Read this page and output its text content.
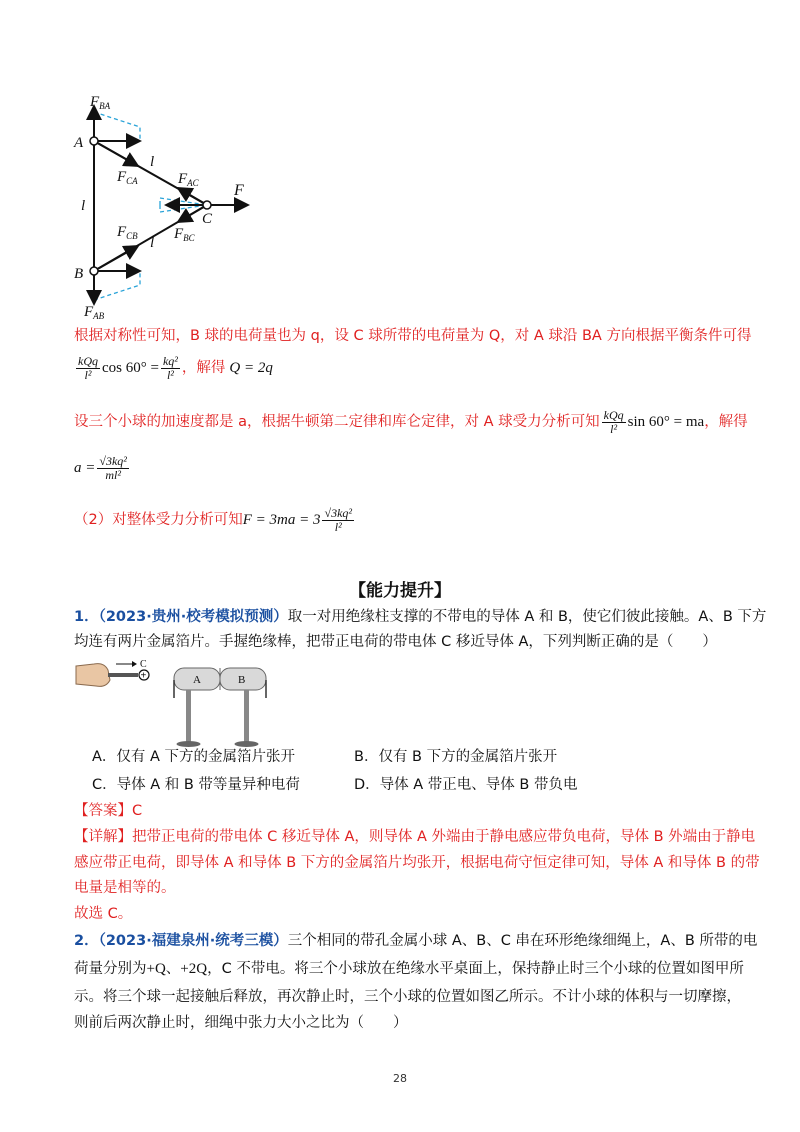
$F_{BA}$
A
l
$F_{CA}$	$F_{AC}$ F
l
C
$F_{CB}$ $F_{BC}$
l
B
$F_{AB}$
根据对称性可知，B 球的电荷量也为 q，设 C 球所带的电荷量为 Q，对 A 球沿 BA 方向根据平衡条件可得
$\frac{\text{kQq}}{\text{l²}}$ $\cos 60^\circ = \frac{\text{kq²}}{\text{l²}}$ ，解得 Q = 2q
设三个小球的加速度都是 a，根据牛顿第二定律和库仑定律，对 A 球受力分析可知 $\frac{\text{kQq}}{\text{l²}}$ sin 60° = ma ，解得
$a = \frac{\text{√3kq²}}{\text{ml²}}$
（2）对整体受力分析可知 $F = 3ma = 3 \frac{\text{√3kq²}}{\text{l²}}$
【能力提升】
1．（2023·贵州·校考模拟预测）取一对用绝缘柱支撑的不带电的导体 A 和 B，使它们彼此接触。A、B 下方
均连有两片金属箔片。手握绝缘棒，把带正电荷的带电体 C 移近导体 A，下列判断正确的是（　　）
+
C
A	B
A．仅有 A 下方的金属箔片张开	B．仅有 B 下方的金属箔片张开
C．导体 A 和 B 带等量异种电荷	D．导体 A 带正电、导体 B 带负电
【答案】C
【详解】把带正电荷的带电体 C 移近导体 A，则导体 A 外端由于静电感应带负电荷，导体 B 外端由于静电
感应带正电荷，即导体 A 和导体 B 下方的金属箔片均张开，根据电荷守恒定律可知，导体 A 和导体 B 的带
电量是相等的。
故选 C。
2．（2023·福建泉州·统考三模）三个相同的带孔金属小球 A、B、C 串在环形绝缘细绳上，A、B 所带的电
荷量分别为+Q、+2Q，C 不带电。将三个小球放在绝缘水平桌面上，保持静止时三个小球的位置如图甲所
示。将三个球一起接触后释放，再次静止时，三个小球的位置如图乙所示。不计小球的体积与一切摩擦，
则前后两次静止时，细绳中张力大小之比为（　　）
28
